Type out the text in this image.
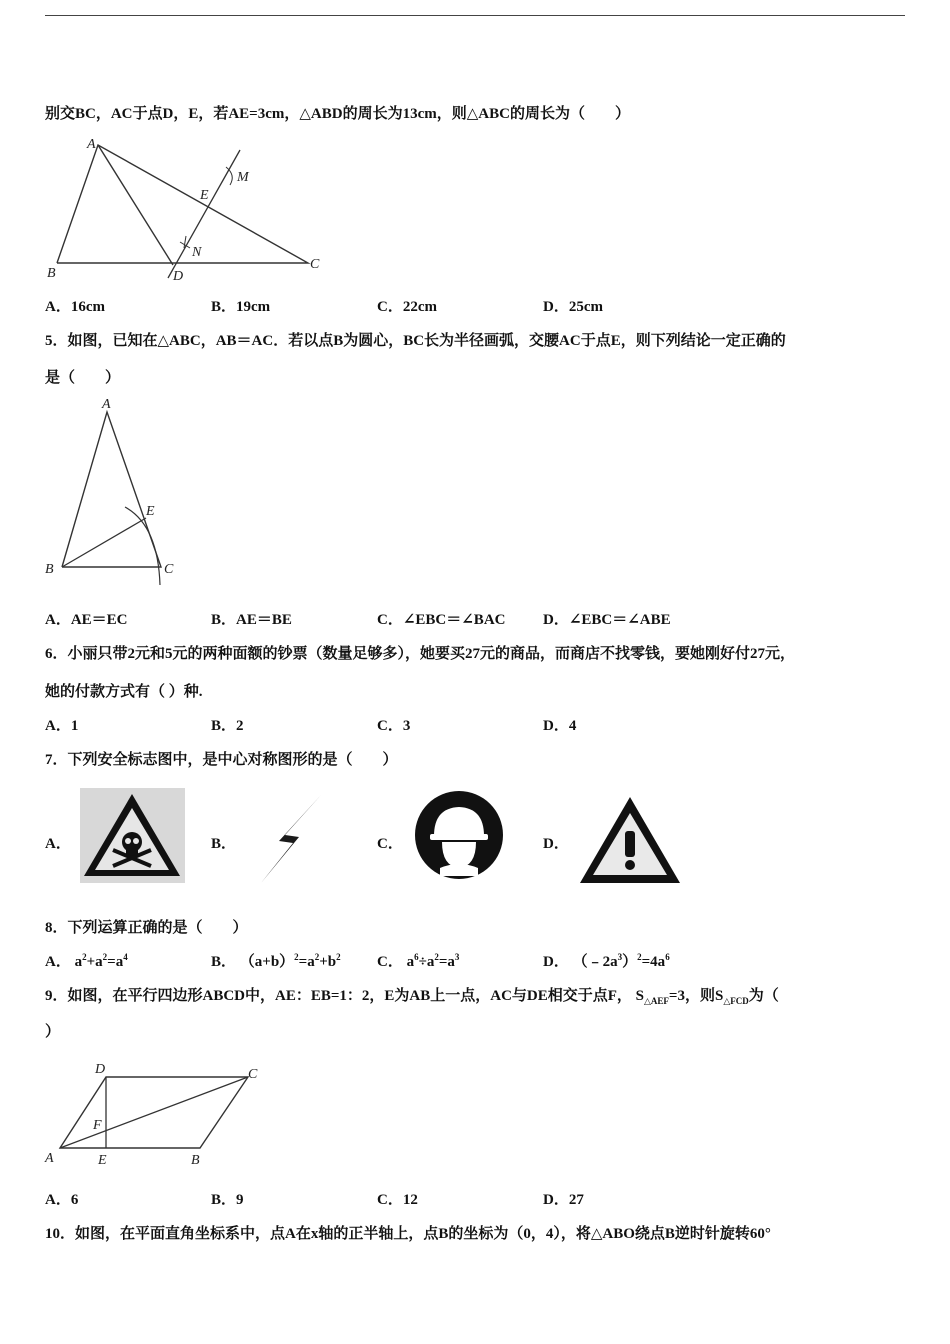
别交BC，AC于点D，E，若AE=3cm，△ABD的周长为13cm，则△ABC的周长为（　　）
A
B
C
D
E
M
N
A．16cm	B．19cm	C．22cm	D．25cm
5．如图，已知在△ABC，AB＝AC．若以点B为圆心，BC长为半径画弧，交腰AC于点E，则下列结论一定正确的
是（　　）
A
B	C
E
A．AE＝EC	B．AE＝BE	C．∠EBC＝∠BAC	D．∠EBC＝∠ABE
6．小丽只带2元和5元的两种面额的钞票（数量足够多），她要买27元的商品，而商店不找零钱，要她刚好付27元，
她的付款方式有（ ）种.
A．1	B．2	C．3	D．4
7．下列安全标志图中，是中心对称图形的是（　　）
A．	B．	C．	D．
8．下列运算正确的是（　　）
A． $a^2+a^2=a^4$	B． $(a+b)^2=a^2+b^2$ C． $a^6\div a^2=a^3$	D． $(﹣2a^3)^2=4a^6$
9．如图，在平行四边形ABCD中，AE：EB=1：2，E为AB上一点，AC与DE相交于点F， $S_{\triangle AEF}=3$，则$S_{\triangle FCD}$为（
）
D	C
A	E	B
F
A．6	B．9	C．12	D．27
10．如图，在平面直角坐标系中，点A在x轴的正半轴上，点B的坐标为（0，4），将△ABO绕点B逆时针旋转60°
